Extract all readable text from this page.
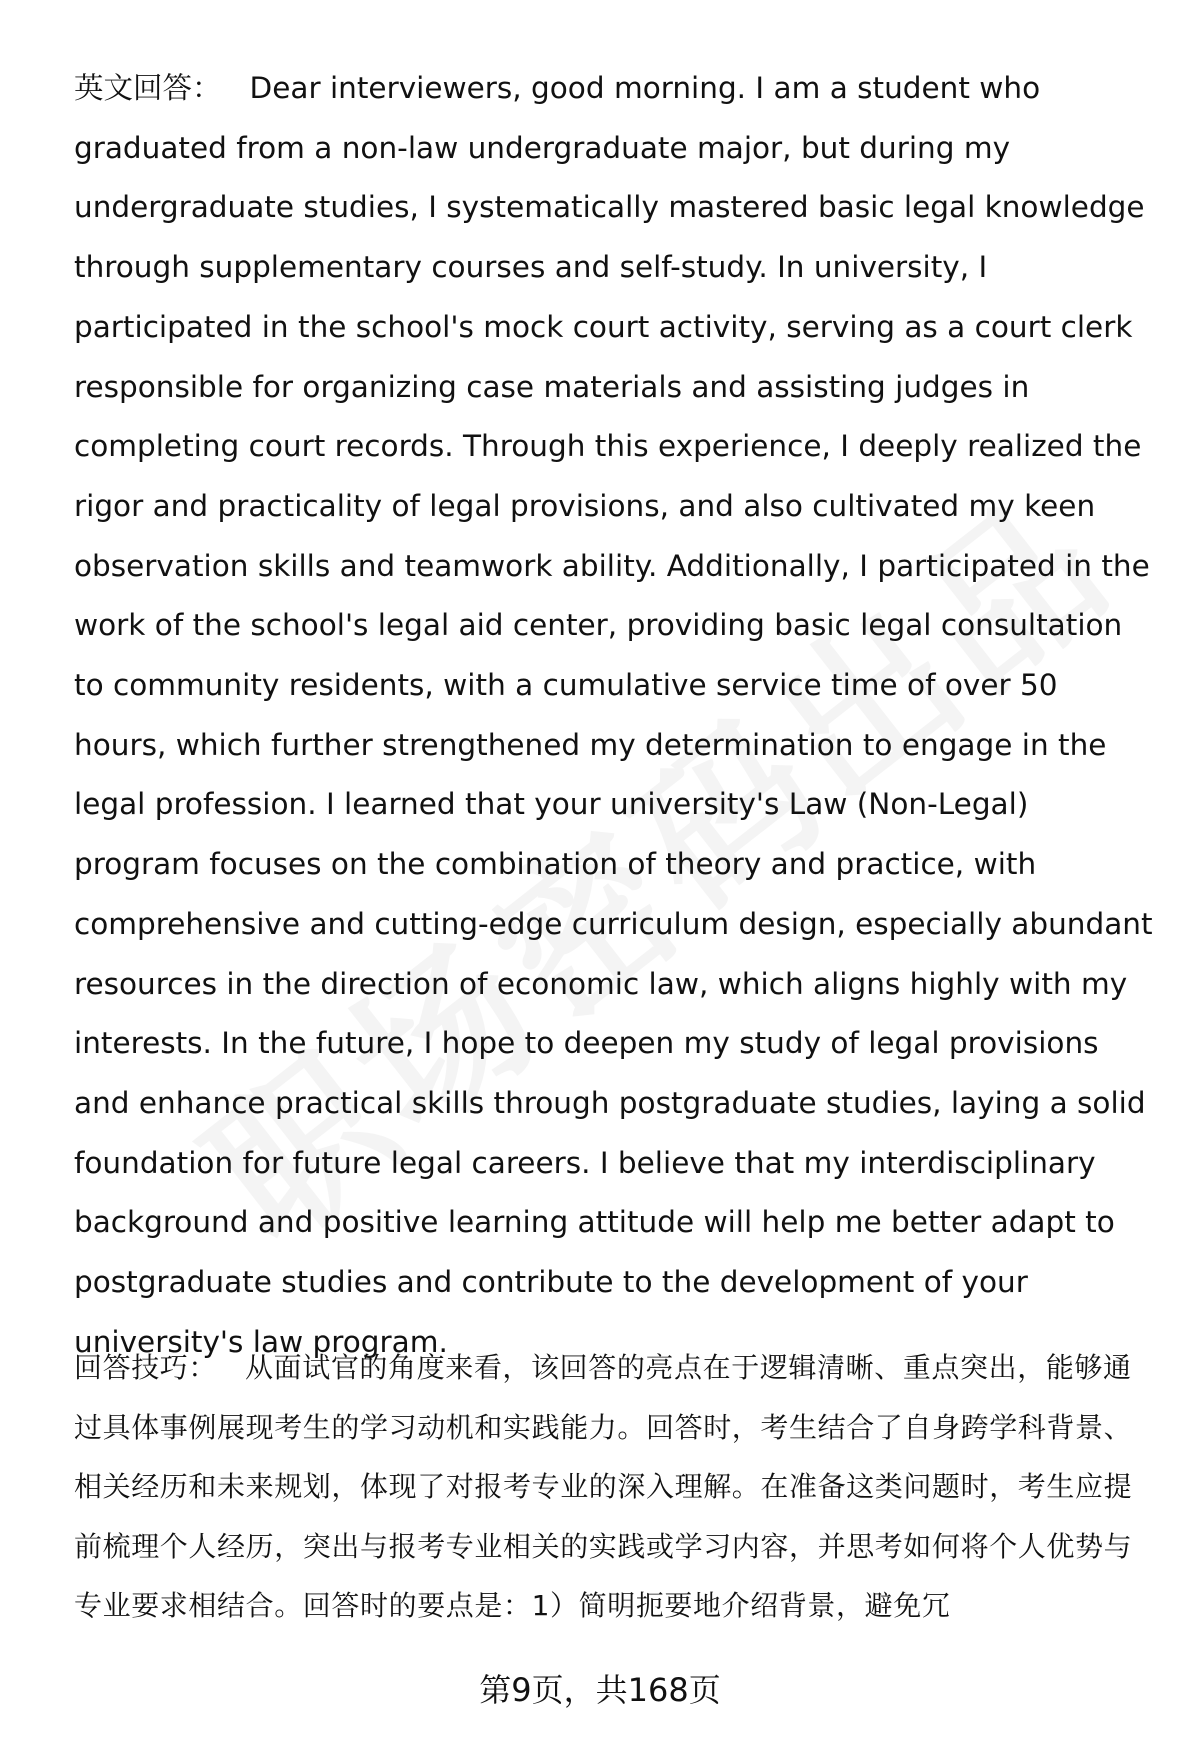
英文回答： Dear interviewers, good morning. I am a student who graduated from a non-law undergraduate major, but during my undergraduate studies, I systematically mastered basic legal knowledge through supplementary courses and self-study. In university, I participated in the school's mock court activity, serving as a court clerk responsible for organizing case materials and assisting judges in completing court records. Through this experience, I deeply realized the rigor and practicality of legal provisions, and also cultivated my keen observation skills and teamwork ability. Additionally, I participated in the work of the school's legal aid center, providing basic legal consultation to community residents, with a cumulative service time of over 50 hours, which further strengthened my determination to engage in the legal profession. I learned that your university's Law (Non-Legal) program focuses on the combination of theory and practice, with comprehensive and cutting-edge curriculum design, especially abundant resources in the direction of economic law, which aligns highly with my interests. In the future, I hope to deepen my study of legal provisions and enhance practical skills through postgraduate studies, laying a solid foundation for future legal careers. I believe that my interdisciplinary background and positive learning attitude will help me better adapt to postgraduate studies and contribute to the development of your university's law program.
回答技巧： 从面试官的角度来看，该回答的亮点在于逻辑清晰、重点突出，能够通过具体事例展现考生的学习动机和实践能力。回答时，考生结合了自身跨学科背景、相关经历和未来规划，体现了对报考专业的深入理解。在准备这类问题时，考生应提前梳理个人经历，突出与报考专业相关的实践或学习内容，并思考如何将个人优势与专业要求相结合。回答时的要点是：1）简明扼要地介绍背景，避免冗
第9页，共168页
